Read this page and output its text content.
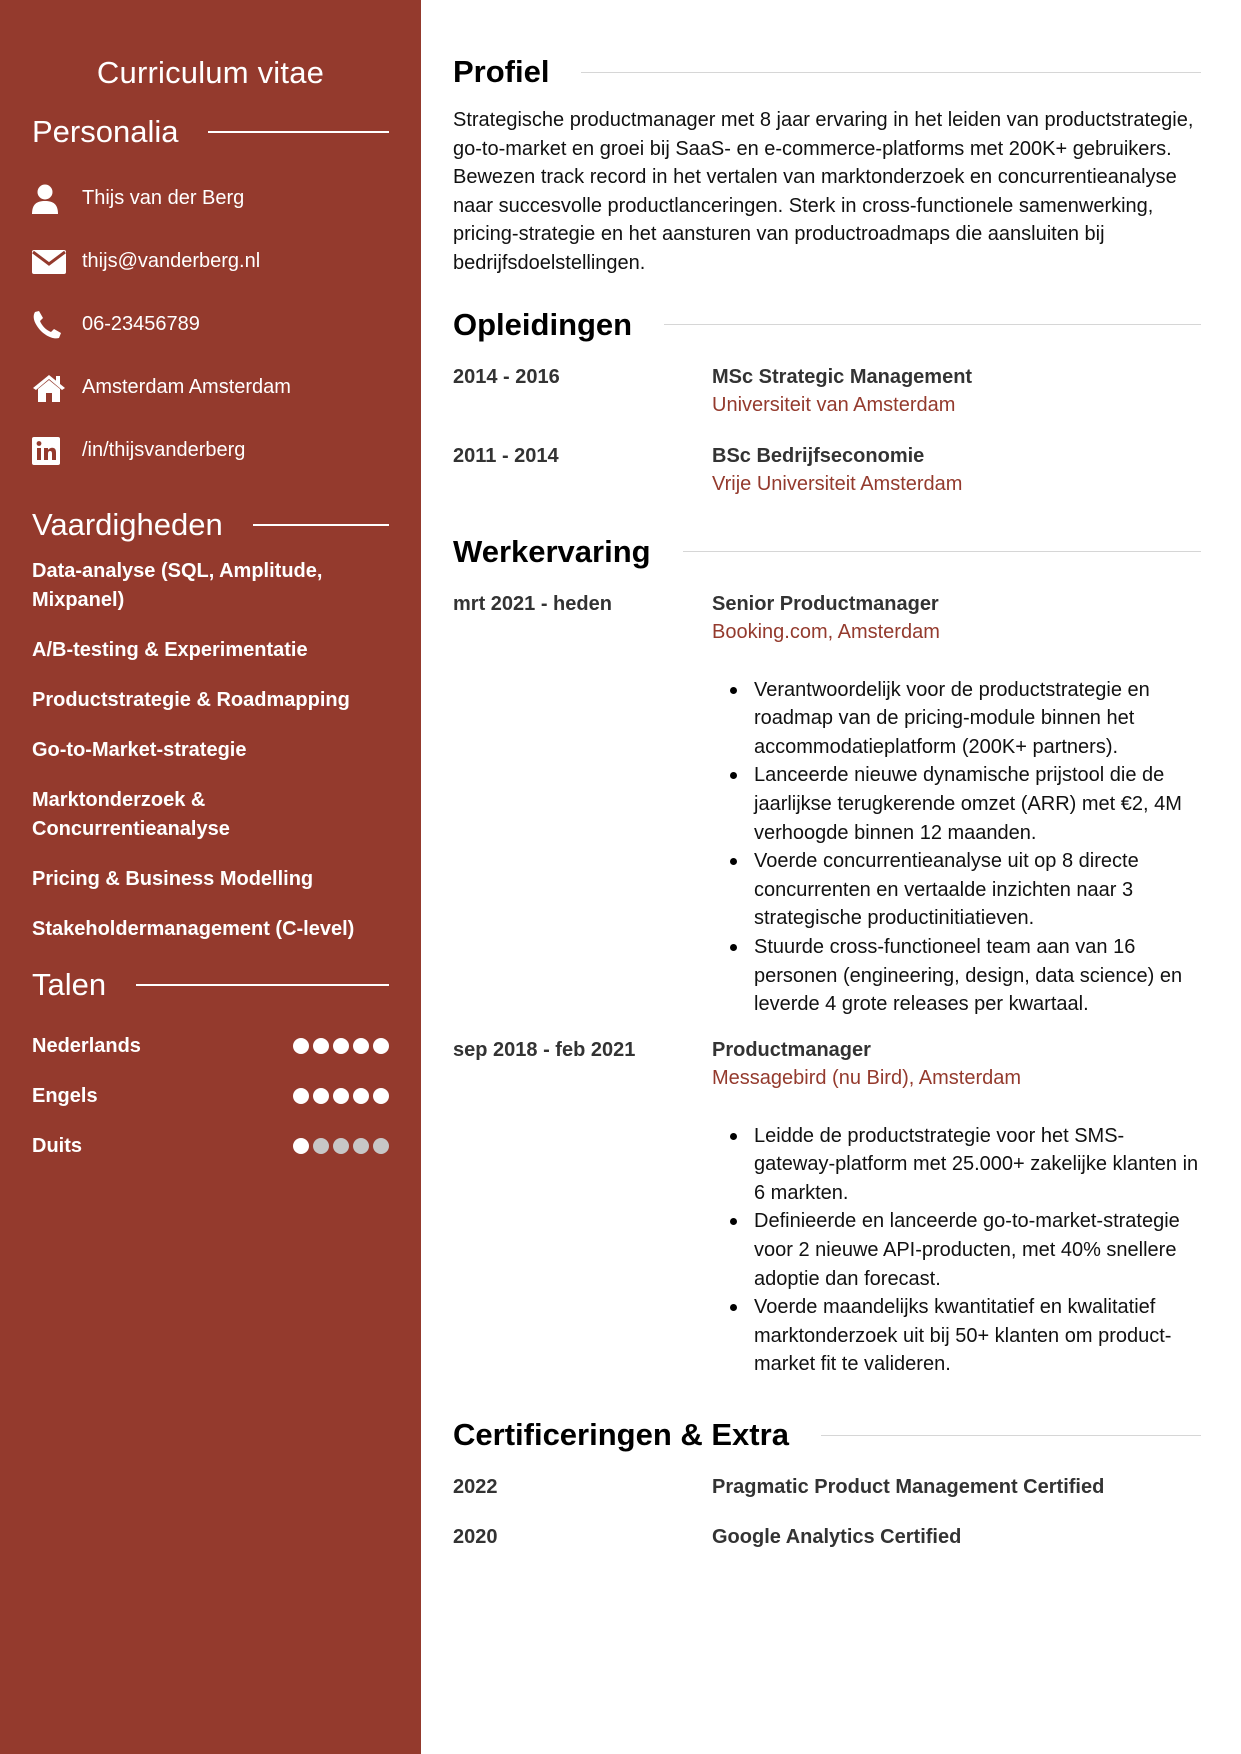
Curriculum vitae
Personalia
Thijs van der Berg
thijs@vanderberg.nl
06-23456789
Amsterdam Amsterdam
/in/thijsvanderberg
Vaardigheden
Data-analyse (SQL, Amplitude, Mixpanel)
A/B-testing & Experimentatie
Productstrategie & Roadmapping
Go-to-Market-strategie
Marktonderzoek & Concurrentieanalyse
Pricing & Business Modelling
Stakeholdermanagement (C-level)
Talen
Nederlands
Engels
Duits
Profiel

Strategische productmanager met 8 jaar ervaring in het leiden van productstrategie, go-to-market en groei bij SaaS- en e-commerce-platforms met 200K+ gebruikers. Bewezen track record in het vertalen van marktonderzoek en concurrentieanalyse naar succesvolle productlanceringen. Sterk in cross-functionele samenwerking, pricing-strategie en het aansturen van productroadmaps die aansluiten bij bedrijfsdoelstellingen.

Opleidingen
2014 - 2016	MSc Strategic Management
Universiteit van Amsterdam
2011 - 2014	BSc Bedrijfseconomie
Vrije Universiteit Amsterdam
Werkervaring
mrt 2021 - heden	Senior Productmanager
Booking.com, Amsterdam
Verantwoordelijk voor de productstrategie en roadmap van de pricing-module binnen het accommodatieplatform (200K+ partners).
Lanceerde nieuwe dynamische prijstool die de jaarlijkse terugkerende omzet (ARR) met €2, 4M verhoogde binnen 12 maanden.
Voerde concurrentieanalyse uit op 8 directe concurrenten en vertaalde inzichten naar 3 strategische productinitiatieven.
Stuurde cross-functioneel team aan van 16 personen (engineering, design, data science) en leverde 4 grote releases per kwartaal.
sep 2018 - feb 2021	Productmanager
Messagebird (nu Bird), Amsterdam
Leidde de productstrategie voor het SMS-gateway-platform met 25.000+ zakelijke klanten in 6 markten.
Definieerde en lanceerde go-to-market-strategie voor 2 nieuwe API-producten, met 40% snellere adoptie dan forecast.
Voerde maandelijks kwantitatief en kwalitatief marktonderzoek uit bij 50+ klanten om product-market fit te valideren.
Certificeringen & Extra
2022	Pragmatic Product Management Certified
2020	Google Analytics Certified
